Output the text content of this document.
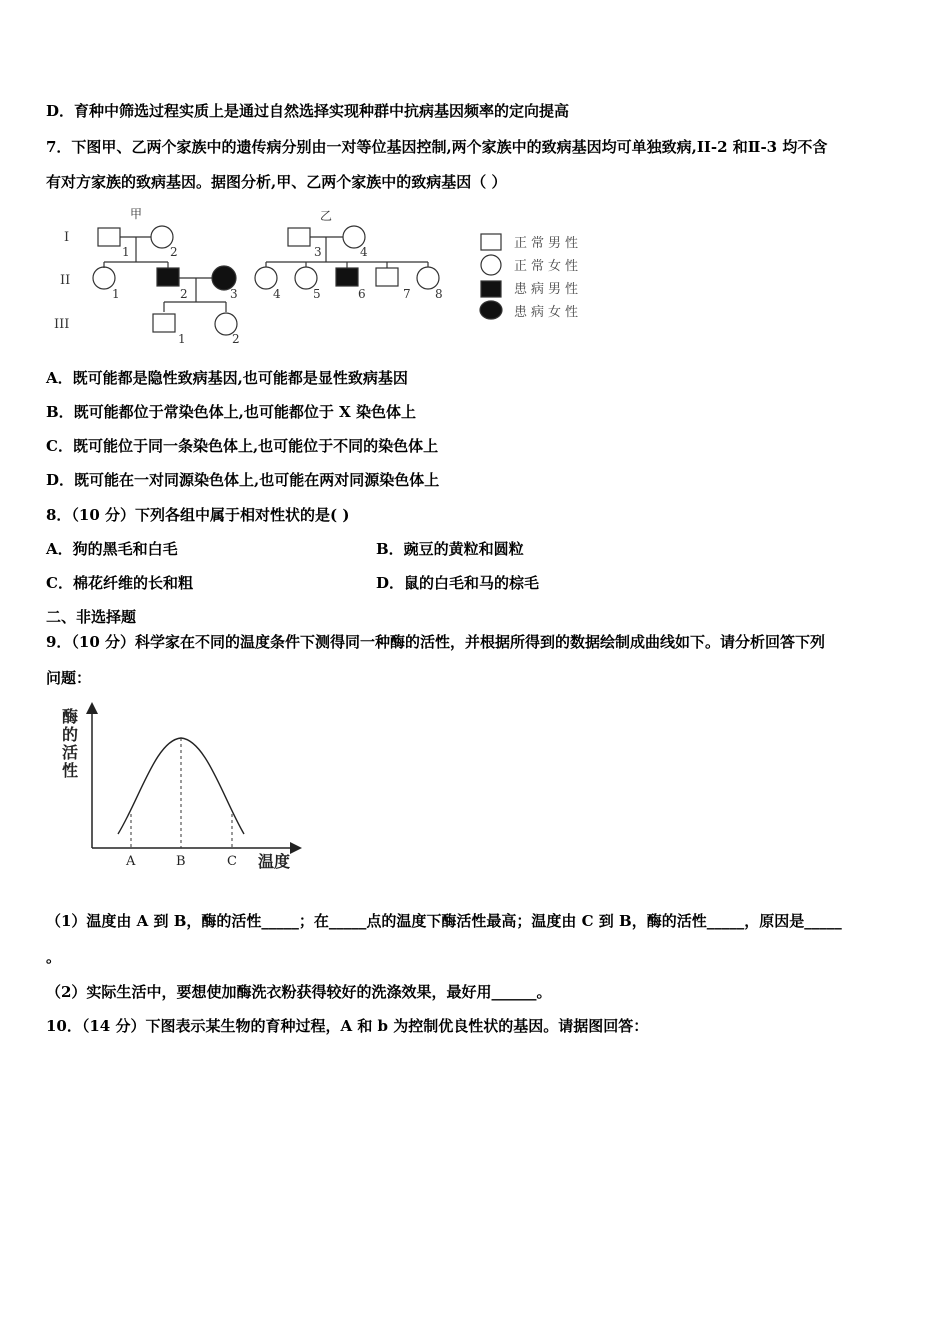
D．育种中筛选过程实质上是通过自然选择实现种群中抗病基因频率的定向提高
7．下图甲、乙两个家族中的遗传病分别由一对等位基因控制,两个家族中的致病基因均可单独致病,II-2 和Ⅱ-3 均不含
有对方家族的致病基因。据图分析,甲、乙两个家族中的致病基因（ ）
甲	乙
I
II
III
1	2	3	4
1	2	3	4	5	6	7 8
1	2
正常男性
正常女性
患病男性
患病女性
A．既可能都是隐性致病基因,也可能都是显性致病基因
B．既可能都位于常染色体上,也可能都位于 X 染色体上
C．既可能位于同一条染色体上,也可能位于不同的染色体上
D．既可能在一对同源染色体上,也可能在两对同源染色体上
8．（10 分）下列各组中属于相对性状的是( )
A．狗的黑毛和白毛	B．豌豆的黄粒和圆粒
C．棉花纤维的长和粗	D．鼠的白毛和马的棕毛
二、非选择题
9．（10 分）科学家在不同的温度条件下测得同一种酶的活性，并根据所得到的数据绘制成曲线如下。请分析回答下列
问题：
酶
的
活
性
A	B	C 温度
（1）温度由 A 到 B，酶的活性_____；在_____点的温度下酶活性最高；温度由 C 到 B，酶的活性_____，原因是_____
。
（2）实际生活中，要想使加酶洗衣粉获得较好的洗涤效果，最好用______。
10．（14 分）下图表示某生物的育种过程，A 和 b 为控制优良性状的基因。请据图回答：
